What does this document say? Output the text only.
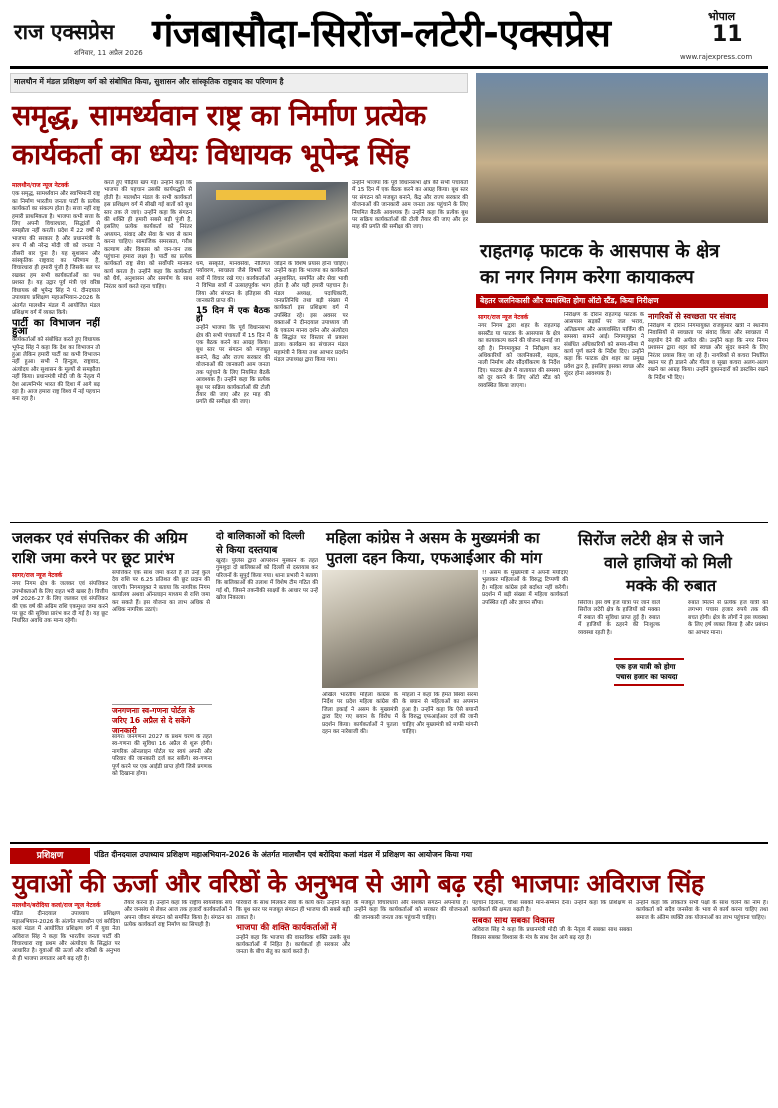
राज एक्सप्रेस
शनिवार, 11 अप्रैल 2026 गंजबासौदा-सिरोंज-लटेरी-एक्सप्रेस	भोपाल
11
www.rajexpress.com
मालथौन में मंडल प्रशिक्षण वर्ग को संबोधित किया, सुशासन और सांस्कृतिक राष्ट्रवाद का परिणाम है
समृद्ध, सामर्थ्यवान राष्ट्र का निर्माण प्रत्येक
कार्यकर्ता का ध्येयः विधायक भूपेन्द्र सिंह
मालथौन/राज न्यूज नेटवर्क

एक समृद्ध, सामर्थ्यवान और स्वाभिमानी राष्ट्र का निर्माण भारतीय जनता पार्टी के प्रत्येक कार्यकर्ता का संकल्प होता है। सत्ता नहीं राष्ट्र हमारी प्राथमिकता है। भाजपा कभी सत्ता के लिए अपनी विचारधारा, सिद्धांतों से समझौता नहीं करती। प्रदेश में 22 वर्षों से भाजपा की सरकार है और प्रधानमंत्री के रूप में श्री नरेन्द्र मोदी जी को जनता ने तीसरी बार चुना है। यह सुशासन और सांस्कृतिक राष्ट्रवाद का परिणाम है, विचारधारा ही हमारी पूंजी है जिसके बल पर रखकर हम सभी कार्यकर्ताओं का पथ प्रशस्त है। यह उद्गार पूर्व मंत्री एवं वरिष्ठ विधायक श्री भूपेन्द्र सिंह ने पं. दीनदयाल उपाध्याय प्रशिक्षण महाअभियान-2026 के अंतर्गत मालथौन मंडल में आयोजित मंडल प्रशिक्षण वर्ग में व्यक्त किये।

पार्टी का विभाजन नहीं हुआ

कार्यकर्ताओं को संबोधित करते हुए विधायक भूपेन्द्र सिंह ने कहा कि देश का विभाजन तो हुआ लेकिन हमारी पार्टी का कभी विभाजन नहीं हुआ। सभी ने हिन्दुत्व, राष्ट्रवाद, अंत्योदय और सुशासन के मूल्यों से समझौता नहीं किया। प्रधानमंत्री मोदी जी के नेतृत्व में देश आत्मनिर्भर भारत की दिशा में आगे बढ़ रहा है। आज हमारा राष्ट्र विश्व में नई पहचान बना रहा है।

करते हुए पीढ़ियां खप गई। उन्होंने कहा कि भाजपा की पहचान उसकी कार्यपद्धति से होती है। मालथौन मंडल के सभी कार्यकर्ता इस प्रशिक्षण वर्ग में सीखी गई बातों को बूथ स्तर तक ले जाएं। उन्होंने कहा कि संगठन की शक्ति ही हमारी सबसे बड़ी पूंजी है, इसलिए प्रत्येक कार्यकर्ता को निरंतर अध्ययन, संवाद और सेवा के भाव से काम करना चाहिए। सामाजिक समरसता, गरीब कल्याण और विकास को जन-जन तक पहुंचाना हमारा लक्ष्य है। पार्टी का प्रत्येक कार्यकर्ता राष्ट्र सेवा को सर्वोपरि मानकर कार्य करता है। उन्होंने कहा कि कार्यकर्ता को धैर्य, अनुशासन और समर्पण के साथ निरंतर कार्य करते रहना चाहिए।

धर्म, संस्कृति, मानवसेवा, नीतिगत पर्यावरण, स्वच्छता जैसे विषयों पर सत्रों में विचार रखे गए। कार्यकर्ताओं ने विभिन्न सत्रों में उत्साहपूर्वक भाग लिया और संगठन के इतिहास की जानकारी प्राप्त की।

15 दिन में एक बैठक हो

उन्होंने भाजपा कि पूर्व विधानसभा क्षेत्र की सभी पंचायतों में 15 दिन में एक बैठक करने का आग्रह किया। बूथ स्तर पर संगठन को मजबूत बनाने, केंद्र और राज्य सरकार की योजनाओं की जानकारी आम जनता तक पहुंचाने के लिए नियमित बैठकें आवश्यक हैं। उन्होंने कहा कि प्रत्येक बूथ पर सक्रिय कार्यकर्ताओं की टोली तैयार की जाए और हर माह की प्रगति की समीक्षा की जाए।

जोड़ने के विशेष प्रयास होना चाहिए। उन्होंने कहा कि भाजपा का कार्यकर्ता अनुशासित, समर्पित और सेवा भावी होता है और यही हमारी पहचान है। मंडल अध्यक्ष, पदाधिकारी, जनप्रतिनिधि तथा बड़ी संख्या में कार्यकर्ता इस प्रशिक्षण वर्ग में उपस्थित रहे। इस अवसर पर वक्ताओं ने दीनदयाल उपाध्याय जी के एकात्म मानव दर्शन और अंत्योदय के सिद्धांत पर विस्तार से प्रकाश डाला। कार्यक्रम का संचालन मंडल महामंत्री ने किया तथा आभार प्रदर्शन मंडल उपाध्यक्ष द्वारा किया गया।

उन्होंने भाजपा कि पूर्व विधानसभा क्षेत्र की सभी पंचायतों में 15 दिन में एक बैठक करने का आग्रह किया। बूथ स्तर पर संगठन को मजबूत बनाने, केंद्र और राज्य सरकार की योजनाओं की जानकारी आम जनता तक पहुंचाने के लिए नियमित बैठकें आवश्यक हैं। उन्होंने कहा कि प्रत्येक बूथ पर सक्रिय कार्यकर्ताओं की टोली तैयार की जाए और हर माह की प्रगति की समीक्षा की जाए।

राहतगढ़ फाटक के आसपास के क्षेत्र
का नगर निगम करेगा कायाकल्प
बेहतर जलनिकासी और व्यवस्थित होगा ऑटो स्टैंड, किया निरीक्षण
नागरिकों से स्वच्छता पर संवाद
सागर/राज न्यूज नेटवर्क

नगर निगम द्वारा शहर के राहतगढ़ बसस्टैंड या फाटक के आसपास के क्षेत्र का कायाकल्प करने की योजना बनाई जा रही है। निगमायुक्त ने निरीक्षण कर अधिकारियों को जलनिकासी, सड़क, नाली निर्माण और सौंदर्यीकरण के निर्देश दिए। फाटक क्षेत्र में यातायात की समस्या को दूर करने के लिए ऑटो स्टैंड को व्यवस्थित किया जाएगा।

निरीक्षण के दौरान राहतगढ़ फाटक के आसपास सड़कों पर जल भराव, अतिक्रमण और अव्यवस्थित पार्किंग की समस्या सामने आई। निगमायुक्त ने संबंधित अधिकारियों को समय-सीमा में कार्य पूर्ण करने के निर्देश दिए। उन्होंने कहा कि फाटक क्षेत्र शहर का प्रमुख प्रवेश द्वार है, इसलिए इसका स्वच्छ और सुंदर होना आवश्यक है।

निरीक्षण में दौरान निगमायुक्त राजकुमार खत्री ने स्थानीय निवासियों से स्वच्छता पर संवाद किया और स्वच्छता में सहयोग देने की अपील की। उन्होंने कहा कि नगर निगम प्रशासन द्वारा शहर को स्वच्छ और सुंदर बनाने के लिए निरंतर प्रयास किए जा रहे हैं। नागरिकों से कचरा निर्धारित स्थान पर ही डालने और गीला व सूखा कचरा अलग-अलग रखने का आग्रह किया। उन्होंने दुकानदारों को डस्टबिन रखने के निर्देश भी दिए।

जलकर एवं संपत्तिकर की अग्रिम
राशि जमा करने पर छूट प्रारंभ
सागर/राज न्यूज नेटवर्क

नगर निगम क्षेत्र के जलकर एवं संपत्तिकर उपभोक्ताओं के लिए राहत भरी खबर है। वित्तीय वर्ष 2026-27 के लिए जलकर एवं संपत्तिकर की एक वर्ष की अग्रिम राशि एकमुश्त जमा करने पर छूट की सुविधा प्रारंभ कर दी गई है। यह छूट निर्धारित अवधि तक मान्य रहेगी।

संपत्तिकर एक साथ जमा करते हैं तो उन्हें कुल देय राशि पर 6.25 प्रतिशत की छूट प्रदान की जाएगी। निगमायुक्त ने बताया कि नागरिक निगम कार्यालय अथवा ऑनलाइन माध्यम से राशि जमा कर सकते हैं। इस योजना का लाभ अधिक से अधिक नागरिक उठाएं।

जनगणनाः स्व-गणना पोर्टल के जरिए 16 अप्रैल से दे सकेंगे जानकारी

सागर। जनगणना 2027 के प्रथम चरण के तहत स्व-गणना की सुविधा 16 अप्रैल से शुरू होगी। नागरिक ऑनलाइन पोर्टल पर स्वयं अपनी और परिवार की जानकारी दर्ज कर सकेंगे। स्व-गणना पूर्ण करने पर एक आईडी प्राप्त होगी जिसे प्रगणक को दिखाना होगा।

दो बालिकाओं को दिल्ली
से किया दस्तयाब

खुरई। पुलिस द्वारा ऑपरेशन मुस्कान के तहत गुमशुदा दो बालिकाओं को दिल्ली से दस्तयाब कर परिजनों के सुपुर्द किया गया। थाना प्रभारी ने बताया कि बालिकाओं की तलाश में विशेष टीम गठित की गई थी, जिसने तकनीकी साक्ष्यों के आधार पर उन्हें खोज निकाला।

महिला कांग्रेस ने असम के मुख्यमंत्री का
पुतला दहन किया, एफआईआर की मांग

!! असम के मुख्यमंत्री ने अपनी मर्यादाएं भुलाकर महिलाओं के विरुद्ध टिप्पणी की है। महिला कांग्रेस इसे बर्दाश्त नहीं करेगी। प्रदर्शन में बड़ी संख्या में महिला कार्यकर्ता उपस्थित रहीं और ज्ञापन सौंपा।

अखिल भारतीय महिला कांग्रेस के निर्देश पर प्रदेश महिला कांग्रेस की जिला इकाई ने असम के मुख्यमंत्री द्वारा दिए गए बयान के विरोध में प्रदर्शन किया। कार्यकर्ताओं ने पुतला दहन कर नारेबाजी की।

मोहला ने कहा कि हेमंत बिस्वा सरमा के बयान से महिलाओं का अपमान हुआ है। उन्होंने कहा कि ऐसे बयानों के विरुद्ध एफआईआर दर्ज की जानी चाहिए और मुख्यमंत्री को माफी मांगनी चाहिए।

सिरोंज लटेरी क्षेत्र से जाने
वाले हाजियों को मिली
मक्के की रुबात

सिरोंज। इस वर्ष हज यात्रा पर जाने वाले सिरोंज लटेरी क्षेत्र के हाजियों को मक्का में रुबात की सुविधा प्राप्त हुई है। रुबात में हाजियों के ठहरने की निःशुल्क व्यवस्था रहती है।

एक हज यात्री को होगा पचास हजार का फायदा

रुबात मिलने से प्रत्येक हज यात्री को लगभग पचास हजार रुपये तक की बचत होगी। क्षेत्र के लोगों ने इस व्यवस्था के लिए हर्ष व्यक्त किया है और प्रबंधन का आभार माना।

प्रशिक्षण	पंडित दीनदयाल उपाध्याय प्रशिक्षण महाअभियान-2026 के अंतर्गत मालथौन एवं बरोदिया कलां मंडल में प्रशिक्षण का आयोजन किया गया
युवाओं की ऊर्जा और वरिष्ठों के अनुभव से आगे बढ़ रही भाजपाः अविराज सिंह
मालथौन/बरोदिया कलां/राज न्यूज नेटवर्क

पंडित दीनदयाल उपाध्याय प्रशिक्षण महाअभियान-2026 के अंतर्गत मालथौन एवं बरोदिया कलां मंडल में आयोजित प्रशिक्षण वर्ग में युवा नेता अविराज सिंह ने कहा कि भारतीय जनता पार्टी की विचारधारा राष्ट्र प्रथम और अंत्योदय के सिद्धांत पर आधारित है। युवाओं की ऊर्जा और वरिष्ठों के अनुभव से ही भाजपा लगातार आगे बढ़ रही है।

तैयार करना है। उन्होंने कहा कि राष्ट्रीय स्वयंसेवक संघ और जनसंघ से लेकर आज तक हजारों कार्यकर्ताओं ने अपना जीवन संगठन को समर्पित किया है। संगठन का प्रत्येक कार्यकर्ता राष्ट्र निर्माण का सिपाही है।

परिवारों के साथ मिलकर सेवा के कार्य करें। उन्होंने कहा कि बूथ स्तर पर मजबूत संगठन ही भाजपा की सबसे बड़ी ताकत है।

भाजपा की शक्ति कार्यकर्ताओं में

उन्होंने कहा कि भाजपा की वास्तविक शक्ति उसके बूथ कार्यकर्ताओं में निहित है। कार्यकर्ता ही सरकार और जनता के बीच सेतु का कार्य करते हैं।

के मजबूत विचारधारा और सशक्त संगठन अपनाया है। उन्होंने कहा कि कार्यकर्ताओं को सरकार की योजनाओं की जानकारी जनता तक पहुंचानी चाहिए।

पहचान दिलाना, चौथा सबको मान-सम्मान देना। उन्होंने कहा कि प्रशिक्षण से कार्यकर्ता की क्षमता बढ़ती है।

सबका साथ सबका विकास

अविराज सिंह ने कहा कि प्रधानमंत्री मोदी जी के नेतृत्व में सबका साथ सबका विकास सबका विश्वास के मंत्र के साथ देश आगे बढ़ रहा है।

उन्होंने कहा कि लोकतंत्र सभी पक्षों के साथ चलने का नाम है। कार्यकर्ता को सदैव जनसेवा के भाव से कार्य करना चाहिए तथा समाज के अंतिम व्यक्ति तक योजनाओं का लाभ पहुंचाना चाहिए।
